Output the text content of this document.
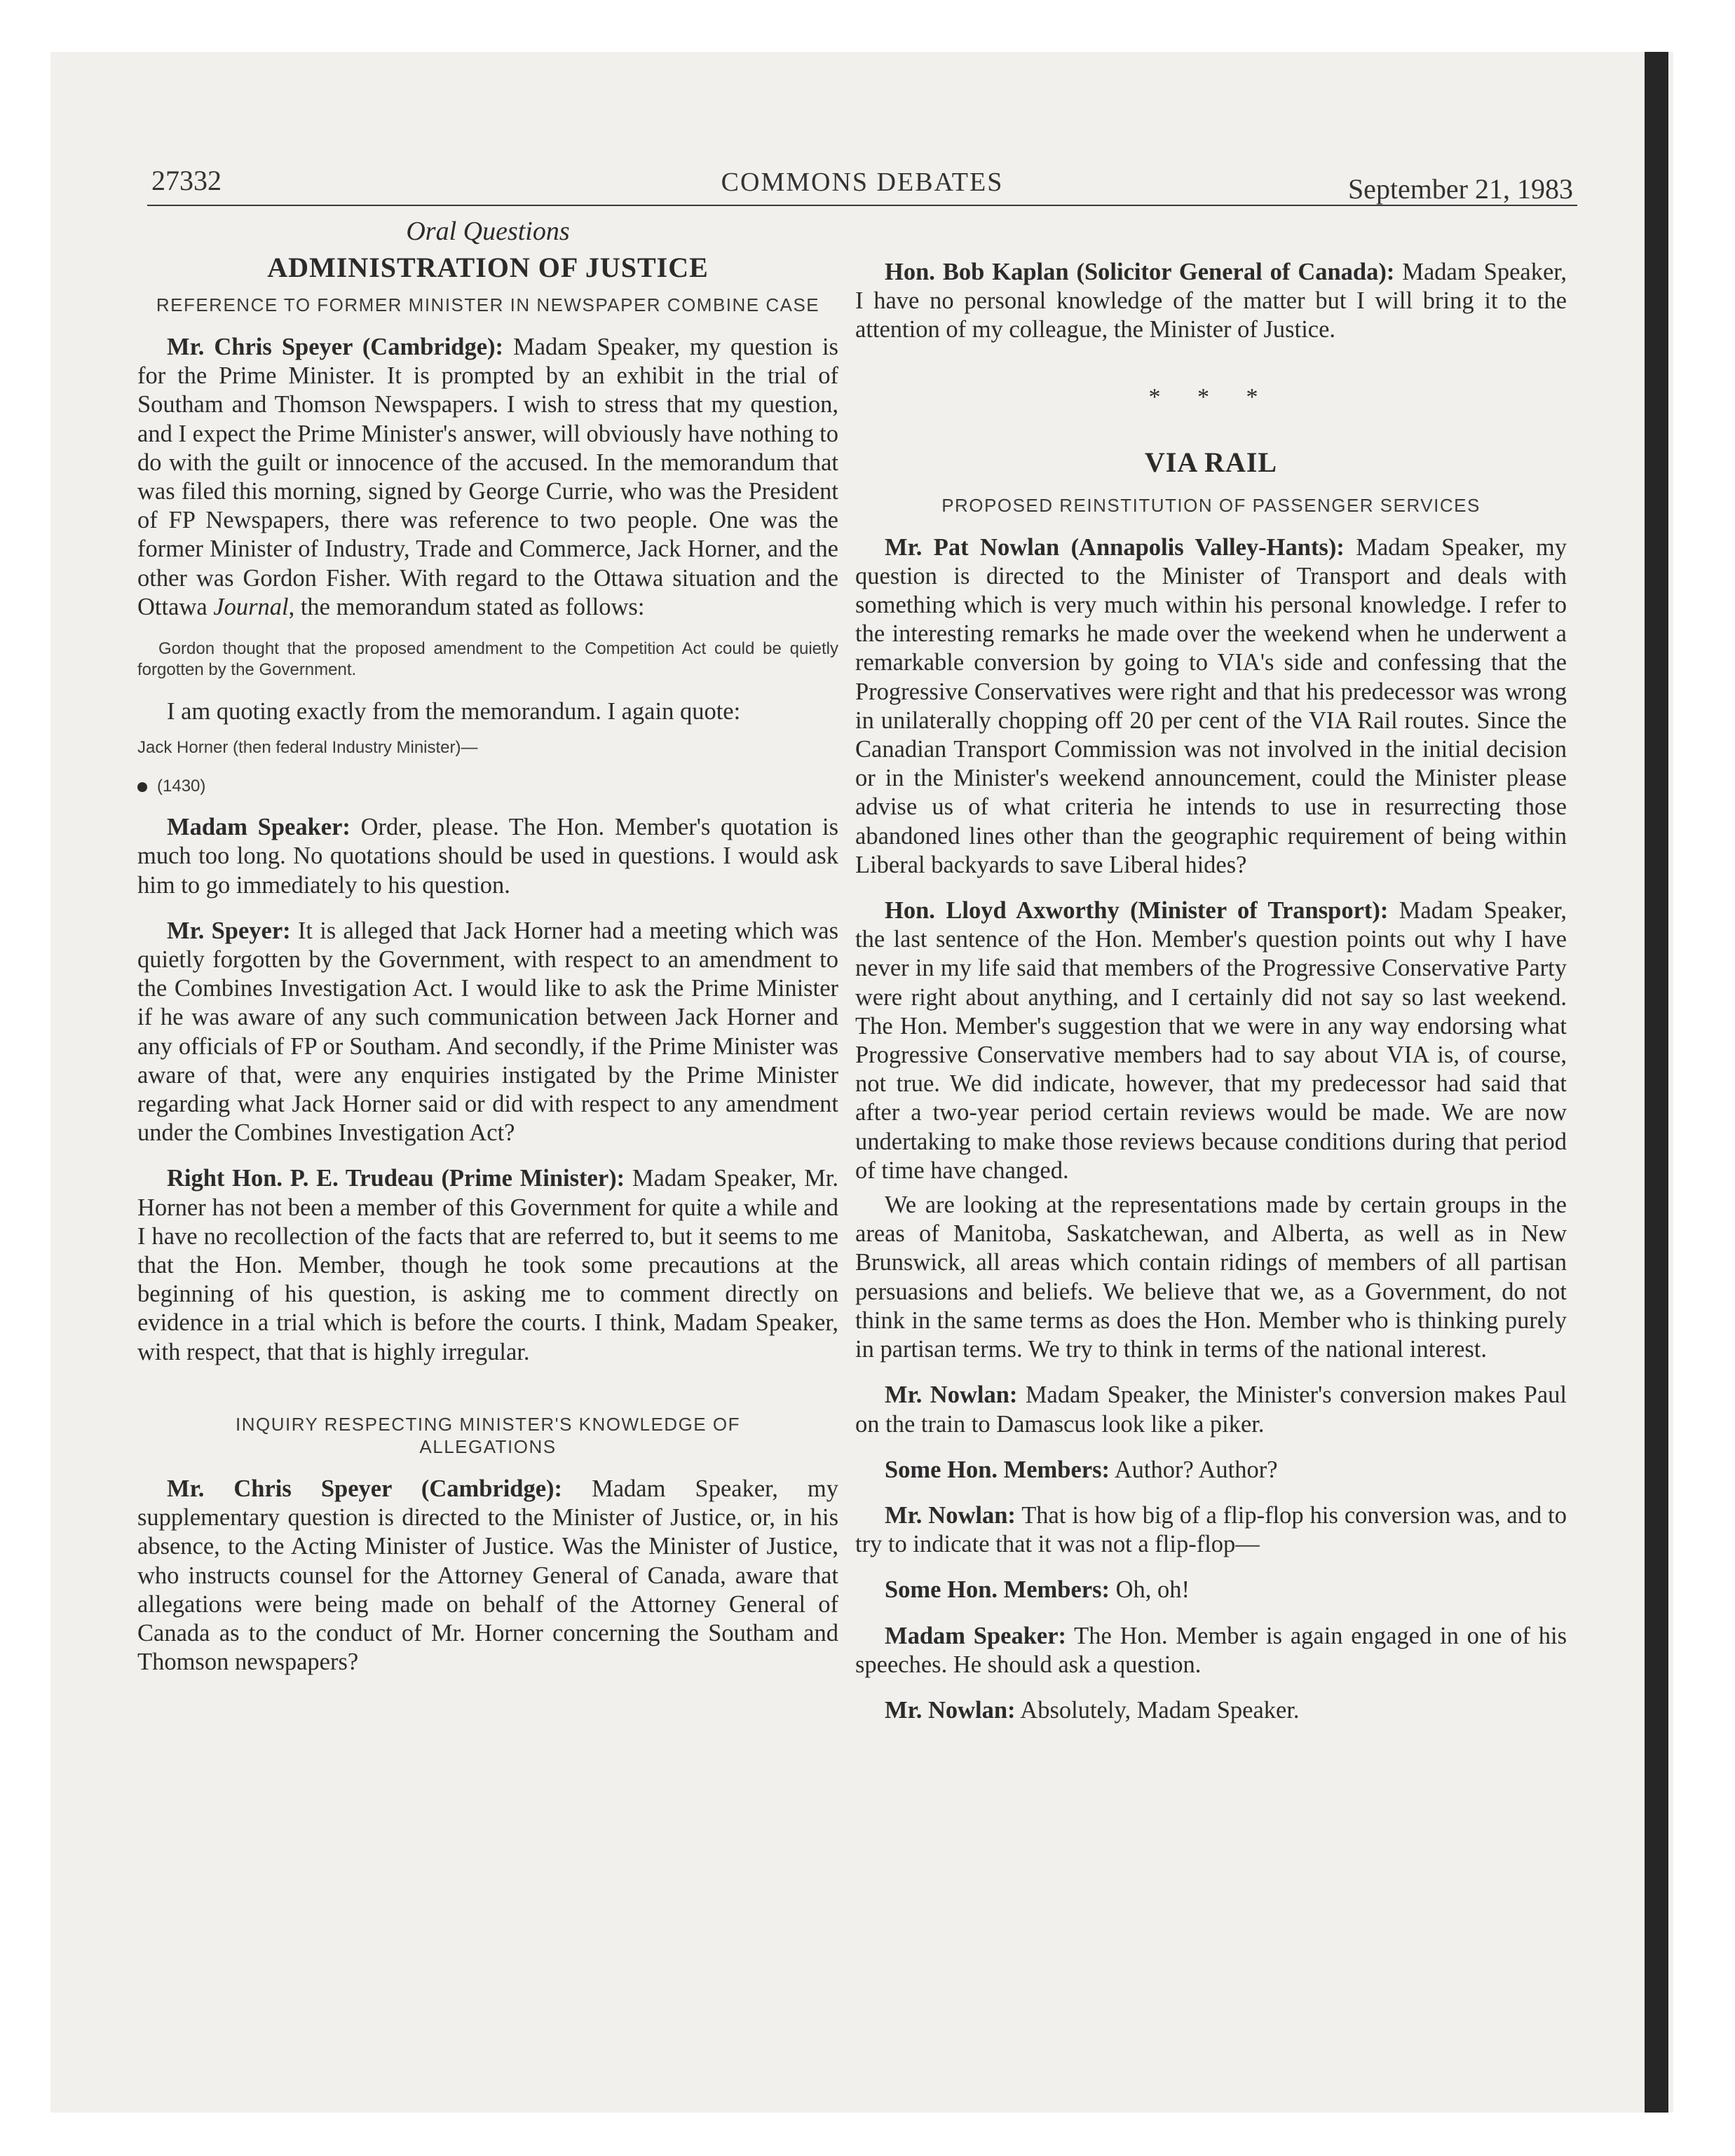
27332	COMMONS DEBATES	September 21, 1983

Oral Questions

ADMINISTRATION OF JUSTICE

REFERENCE TO FORMER MINISTER IN NEWSPAPER COMBINE CASE

Mr. Chris Speyer (Cambridge): Madam Speaker, my question is for the Prime Minister. It is prompted by an exhibit in the trial of Southam and Thomson Newspapers. I wish to stress that my question, and I expect the Prime Minister's answer, will obviously have nothing to do with the guilt or innocence of the accused. In the memorandum that was filed this morning, signed by George Currie, who was the President of FP Newspapers, there was reference to two people. One was the former Minister of Industry, Trade and Commerce, Jack Horner, and the other was Gordon Fisher. With regard to the Ottawa situation and the Ottawa Journal, the memorandum stated as follows:

Gordon thought that the proposed amendment to the Competition Act could be quietly forgotten by the Government.

I am quoting exactly from the memorandum. I again quote:

Jack Horner (then federal Industry Minister)—

(1430)

Madam Speaker: Order, please. The Hon. Member's quotation is much too long. No quotations should be used in questions. I would ask him to go immediately to his question.

Mr. Speyer: It is alleged that Jack Horner had a meeting which was quietly forgotten by the Government, with respect to an amendment to the Combines Investigation Act. I would like to ask the Prime Minister if he was aware of any such communication between Jack Horner and any officials of FP or Southam. And secondly, if the Prime Minister was aware of that, were any enquiries instigated by the Prime Minister regarding what Jack Horner said or did with respect to any amendment under the Combines Investigation Act?

Right Hon. P. E. Trudeau (Prime Minister): Madam Speaker, Mr. Horner has not been a member of this Government for quite a while and I have no recollection of the facts that are referred to, but it seems to me that the Hon. Member, though he took some precautions at the beginning of his question, is asking me to comment directly on evidence in a trial which is before the courts. I think, Madam Speaker, with respect, that that is highly irregular.

INQUIRY RESPECTING MINISTER'S KNOWLEDGE OF ALLEGATIONS

Mr. Chris Speyer (Cambridge): Madam Speaker, my supplementary question is directed to the Minister of Justice, or, in his absence, to the Acting Minister of Justice. Was the Minister of Justice, who instructs counsel for the Attorney General of Canada, aware that allegations were being made on behalf of the Attorney General of Canada as to the conduct of Mr. Horner concerning the Southam and Thomson newspapers?

Hon. Bob Kaplan (Solicitor General of Canada): Madam Speaker, I have no personal knowledge of the matter but I will bring it to the attention of my colleague, the Minister of Justice.

* * *

VIA RAIL

PROPOSED REINSTITUTION OF PASSENGER SERVICES

Mr. Pat Nowlan (Annapolis Valley-Hants): Madam Speaker, my question is directed to the Minister of Transport and deals with something which is very much within his personal knowledge. I refer to the interesting remarks he made over the weekend when he underwent a remarkable conversion by going to VIA's side and confessing that the Progressive Conservatives were right and that his predecessor was wrong in unilaterally chopping off 20 per cent of the VIA Rail routes. Since the Canadian Transport Commission was not involved in the initial decision or in the Minister's weekend announcement, could the Minister please advise us of what criteria he intends to use in resurrecting those abandoned lines other than the geographic requirement of being within Liberal backyards to save Liberal hides?

Hon. Lloyd Axworthy (Minister of Transport): Madam Speaker, the last sentence of the Hon. Member's question points out why I have never in my life said that members of the Progressive Conservative Party were right about anything, and I certainly did not say so last weekend. The Hon. Member's suggestion that we were in any way endorsing what Progressive Conservative members had to say about VIA is, of course, not true. We did indicate, however, that my predecessor had said that after a two-year period certain reviews would be made. We are now undertaking to make those reviews because conditions during that period of time have changed.

We are looking at the representations made by certain groups in the areas of Manitoba, Saskatchewan, and Alberta, as well as in New Brunswick, all areas which contain ridings of members of all partisan persuasions and beliefs. We believe that we, as a Government, do not think in the same terms as does the Hon. Member who is thinking purely in partisan terms. We try to think in terms of the national interest.

Mr. Nowlan: Madam Speaker, the Minister's conversion makes Paul on the train to Damascus look like a piker.

Some Hon. Members: Author? Author?

Mr. Nowlan: That is how big of a flip-flop his conversion was, and to try to indicate that it was not a flip-flop—

Some Hon. Members: Oh, oh!

Madam Speaker: The Hon. Member is again engaged in one of his speeches. He should ask a question.

Mr. Nowlan: Absolutely, Madam Speaker.
